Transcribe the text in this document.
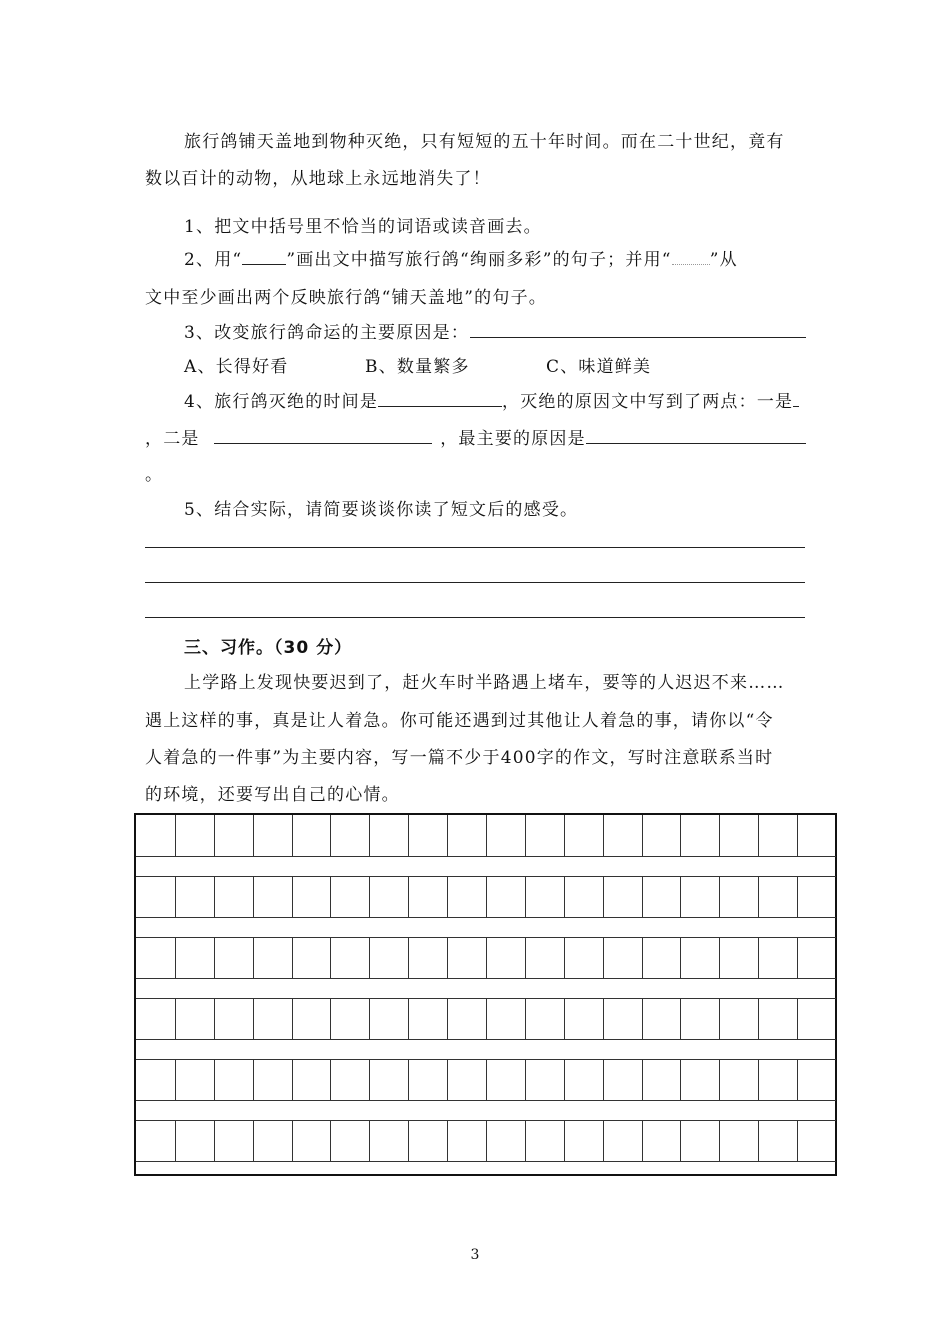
旅行鸽铺天盖地到物种灭绝，只有短短的五十年时间。而在二十世纪，竟有
数以百计的动物，从地球上永远地消失了！
1、把文中括号里不恰当的词语或读音画去。
2、用“	”画出文中描写旅行鸽“绚丽多彩”的句子；并用“ ”从
文中至少画出两个反映旅行鸽“铺天盖地”的句子。
3、改变旅行鸽命运的主要原因是：
A、长得好看	B、数量繁多	C、味道鲜美
4、旅行鸽灭绝的时间是	，灭绝的原因文中写到了两点：一是
，二是	，最主要的原因是
。
5、结合实际，请简要谈谈你读了短文后的感受。
三、习作。（30 分）
上学路上发现快要迟到了，赶火车时半路遇上堵车，要等的人迟迟不来……
遇上这样的事，真是让人着急。你可能还遇到过其他让人着急的事，请你以“令
人着急的一件事”为主要内容，写一篇不少于400字的作文，写时注意联系当时
的环境，还要写出自己的心情。
3
